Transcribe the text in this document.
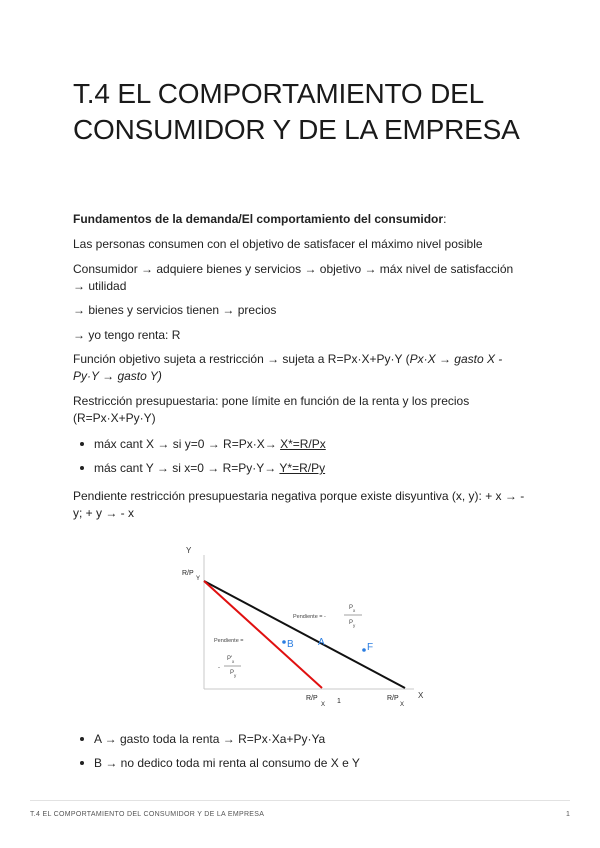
T.4 EL COMPORTAMIENTO DEL CONSUMIDOR Y DE LA EMPRESA

Fundamentos de la demanda/El comportamiento del consumidor:

Las personas consumen con el objetivo de satisfacer el máximo nivel posible

Consumidor → adquiere bienes y servicios → objetivo → máx nivel de satisfacción

→ utilidad

→ bienes y servicios tienen → precios

→ yo tengo renta: R

Función objetivo sujeta a restricción → sujeta a R=Px·X+Py·Y (Px·X → gasto X -

Py·Y → gasto Y)

Restricción presupuestaria: pone límite en función de la renta y los precios

(R=Px·X+Py·Y)

máx cant X → si y=0 → R=Px·X→ X*=R/Px
más cant Y → si x=0 → R=Py·Y→ Y*=R/Py

Pendiente restricción presupuestaria negativa porque existe disyuntiva (x, y): + x → -

y; + y → - x

Y
X
R/P
Y
R/P
X 1	R/P
X
Pendiente = -
P x
P y
Pendiente =
-
P' x
P y
B A	F
A → gasto toda la renta → R=Px·Xa+Py·Ya
B → no dedico toda mi renta al consumo de X e Y
T.4 EL COMPORTAMIENTO DEL CONSUMIDOR Y DE LA EMPRESA	1
